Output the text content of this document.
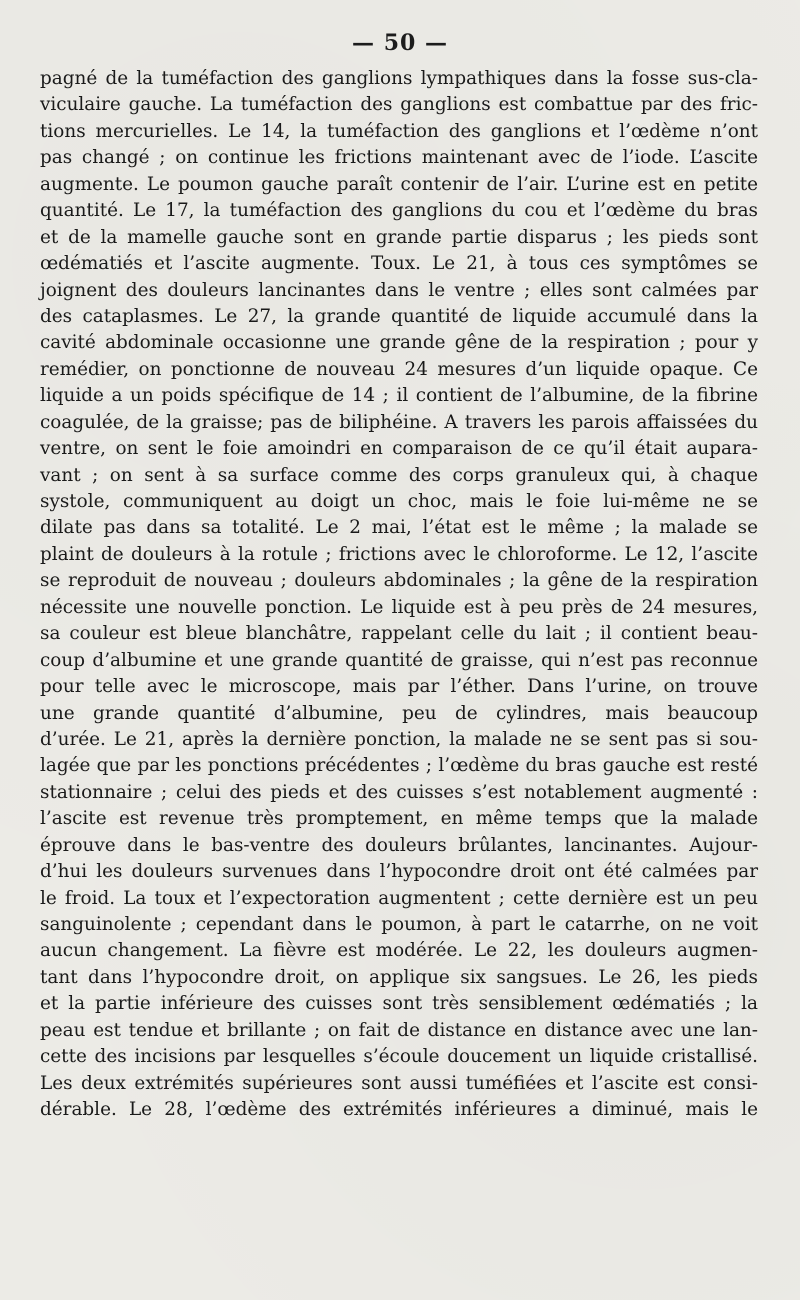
— 50 —
pagné de la tuméfaction des ganglions lympathiques dans la fosse sus-cla-
viculaire gauche. La tuméfaction des ganglions est combattue par des fric-
tions mercurielles. Le 14, la tuméfaction des ganglions et l’œdème n’ont
pas changé ; on continue les frictions maintenant avec de l’iode. L’ascite
augmente. Le poumon gauche paraît contenir de l’air. L’urine est en petite
quantité. Le 17, la tuméfaction des ganglions du cou et l’œdème du bras
et de la mamelle gauche sont en grande partie disparus ; les pieds sont
œdématiés et l’ascite augmente. Toux. Le 21, à tous ces symptômes se
joignent des douleurs lancinantes dans le ventre ; elles sont calmées par
des cataplasmes. Le 27, la grande quantité de liquide accumulé dans la
cavité abdominale occasionne une grande gêne de la respiration ; pour y
remédier, on ponctionne de nouveau 24 mesures d’un liquide opaque. Ce
liquide a un poids spécifique de 14 ; il contient de l’albumine, de la fibrine
coagulée, de la graisse; pas de biliphéine. A travers les parois affaissées du
ventre, on sent le foie amoindri en comparaison de ce qu’il était aupara-
vant ; on sent à sa surface comme des corps granuleux qui, à chaque
systole, communiquent au doigt un choc, mais le foie lui-même ne se
dilate pas dans sa totalité. Le 2 mai, l’état est le même ; la malade se
plaint de douleurs à la rotule ; frictions avec le chloroforme. Le 12, l’ascite
se reproduit de nouveau ; douleurs abdominales ; la gêne de la respiration
nécessite une nouvelle ponction. Le liquide est à peu près de 24 mesures,
sa couleur est bleue blanchâtre, rappelant celle du lait ; il contient beau-
coup d’albumine et une grande quantité de graisse, qui n’est pas reconnue
pour telle avec le microscope, mais par l’éther. Dans l’urine, on trouve
une grande quantité d’albumine, peu de cylindres, mais beaucoup
d’urée. Le 21, après la dernière ponction, la malade ne se sent pas si sou-
lagée que par les ponctions précédentes ; l’œdème du bras gauche est resté
stationnaire ; celui des pieds et des cuisses s’est notablement augmenté :
l’ascite est revenue très promptement, en même temps que la malade
éprouve dans le bas-ventre des douleurs brûlantes, lancinantes. Aujour-
d’hui les douleurs survenues dans l’hypocondre droit ont été calmées par
le froid. La toux et l’expectoration augmentent ; cette dernière est un peu
sanguinolente ; cependant dans le poumon, à part le catarrhe, on ne voit
aucun changement. La fièvre est modérée. Le 22, les douleurs augmen-
tant dans l’hypocondre droit, on applique six sangsues. Le 26, les pieds
et la partie inférieure des cuisses sont très sensiblement œdématiés ; la
peau est tendue et brillante ; on fait de distance en distance avec une lan-
cette des incisions par lesquelles s’écoule doucement un liquide cristallisé.
Les deux extrémités supérieures sont aussi tuméfiées et l’ascite est consi-
dérable. Le 28, l’œdème des extrémités inférieures a diminué, mais le
